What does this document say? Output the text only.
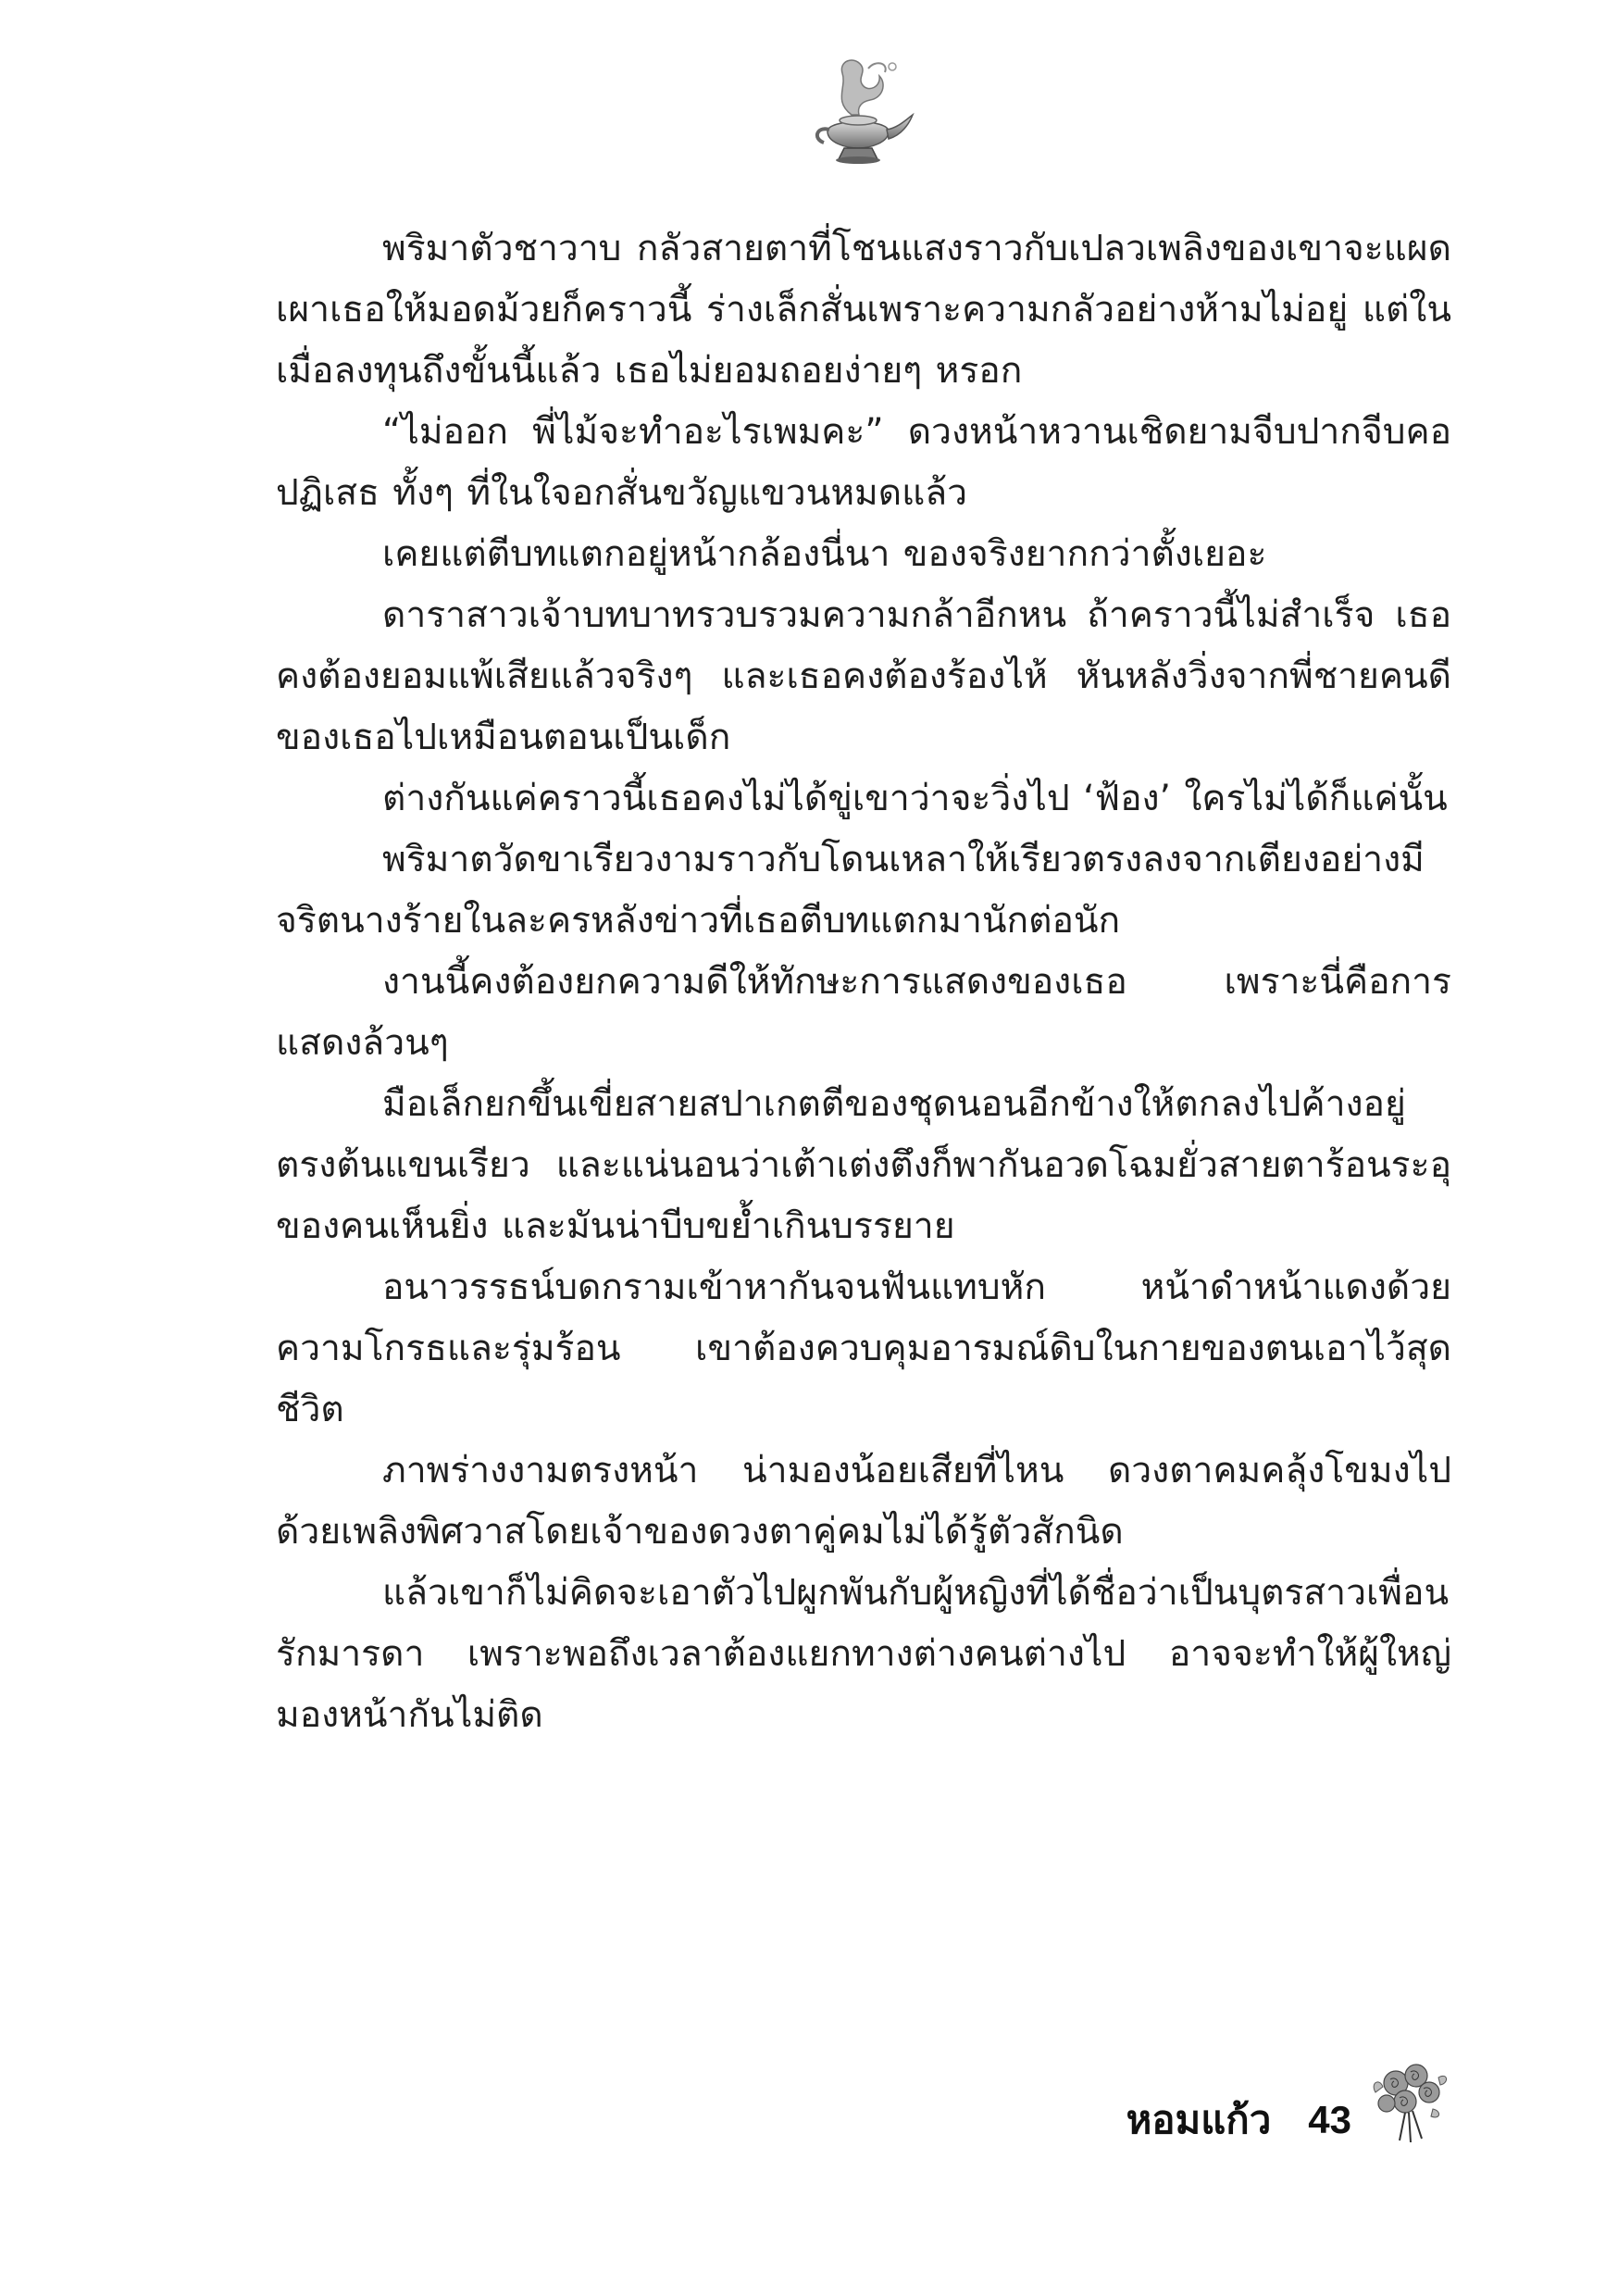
พริมาตัวชาวาบ กลัวสายตาที่โชนแสงราวกับเปลวเพลิงของเขาจะแผดเผาเธอให้มอดม้วยก็คราวนี้ ร่างเล็กสั่นเพราะความกลัวอย่างห้ามไม่อยู่ แต่ในเมื่อลงทุนถึงขั้นนี้แล้ว เธอไม่ยอมถอยง่ายๆ หรอก

“ไม่ออก พี่ไม้จะทำอะไรเพมคะ” ดวงหน้าหวานเชิดยามจีบปากจีบคอปฏิเสธ ทั้งๆ ที่ในใจอกสั่นขวัญแขวนหมดแล้ว

เคยแต่ตีบทแตกอยู่หน้ากล้องนี่นา ของจริงยากกว่าตั้งเยอะ

ดาราสาวเจ้าบทบาทรวบรวมความกล้าอีกหน ถ้าคราวนี้ไม่สำเร็จ เธอคงต้องยอมแพ้เสียแล้วจริงๆ และเธอคงต้องร้องไห้ หันหลังวิ่งจากพี่ชายคนดีของเธอไปเหมือนตอนเป็นเด็ก

ต่างกันแค่คราวนี้เธอคงไม่ได้ขู่เขาว่าจะวิ่งไป ‘ฟ้อง’ ใครไม่ได้ก็แค่นั้น

พริมาตวัดขาเรียวงามราวกับโดนเหลาให้เรียวตรงลงจากเตียงอย่างมีจริตนางร้ายในละครหลังข่าวที่เธอตีบทแตกมานักต่อนัก

งานนี้คงต้องยกความดีให้ทักษะการแสดงของเธอ เพราะนี่คือการแสดงล้วนๆ

มือเล็กยกขึ้นเขี่ยสายสปาเกตตีของชุดนอนอีกข้างให้ตกลงไปค้างอยู่ตรงต้นแขนเรียว และแน่นอนว่าเต้าเต่งตึงก็พากันอวดโฉมยั่วสายตาร้อนระอุของคนเห็นยิ่ง และมันน่าบีบขย้ำเกินบรรยาย

อนาวรรธน์บดกรามเข้าหากันจนฟันแทบหัก หน้าดำหน้าแดงด้วยความโกรธและรุ่มร้อน เขาต้องควบคุมอารมณ์ดิบในกายของตนเอาไว้สุดชีวิต

ภาพร่างงามตรงหน้า น่ามองน้อยเสียที่ไหน ดวงตาคมคลุ้งโขมงไปด้วยเพลิงพิศวาสโดยเจ้าของดวงตาคู่คมไม่ได้รู้ตัวสักนิด

แล้วเขาก็ไม่คิดจะเอาตัวไปผูกพันกับผู้หญิงที่ได้ชื่อว่าเป็นบุตรสาวเพื่อนรักมารดา เพราะพอถึงเวลาต้องแยกทางต่างคนต่างไป อาจจะทำให้ผู้ใหญ่มองหน้ากันไม่ติด

หอมแก้ว 43
